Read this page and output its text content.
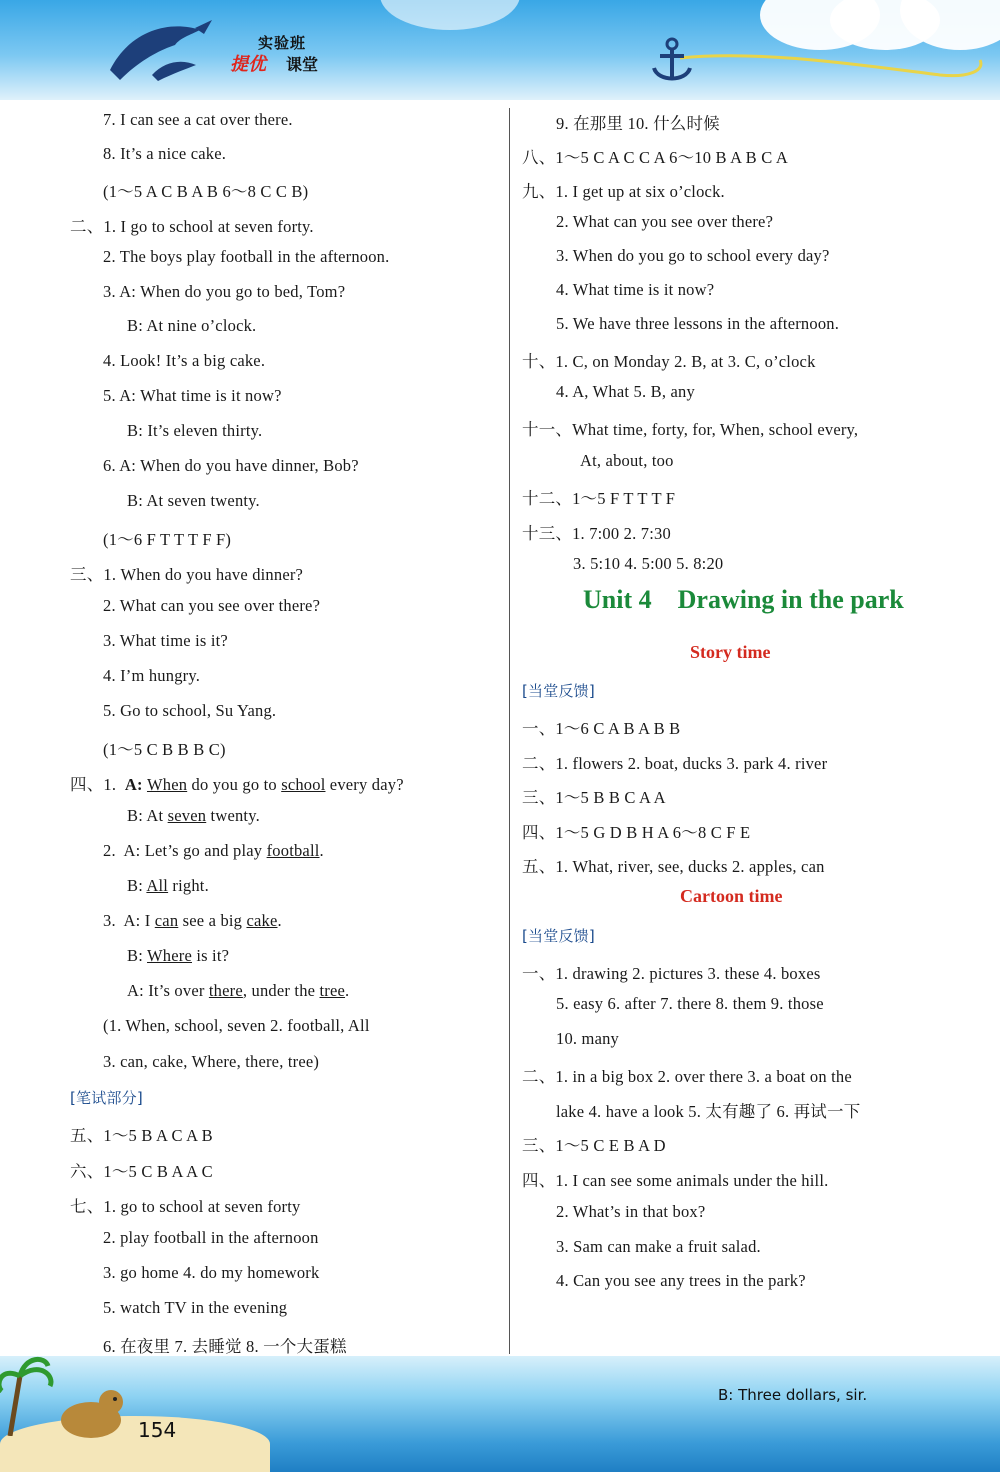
实验班
提优 课堂
四、1. A: When do you go to school every day?
B: At seven twenty.
2. A: Let’s go and play football.
B: All right.
3. A: I can see a big cake.
B: Where is it?
A: It’s over there, under the tree.
7. I can see a cat over there.
8. It’s a nice cake.
(1～5 A C B A B 6～8 C C B)
二、1. I go to school at seven forty.
2. The boys play football in the afternoon.
3. A: When do you go to bed, Tom?
B: At nine o’clock.
4. Look! It’s a big cake.
5. A: What time is it now?
B: It’s eleven thirty.
6. A: When do you have dinner, Bob?
B: At seven twenty.
(1～6 F T T T F F)
三、1. When do you have dinner?
2. What can you see over there?
3. What time is it?
4. I’m hungry.
5. Go to school, Su Yang.
(1～5 C B B B C)
(1. When, school, seven 2. football, All
3. can, cake, Where, there, tree)
[笔试部分]
五、1～5 B A C A B
六、1～5 C B A A C
七、1. go to school at seven forty
2. play football in the afternoon
3. go home 4. do my homework
5. watch TV in the evening
6. 在夜里 7. 去睡觉 8. 一个大蛋糕
9. 在那里 10. 什么时候
八、1～5 C A C C A 6～10 B A B C A
九、1. I get up at six o’clock.
2. What can you see over there?
3. When do you go to school every day?
4. What time is it now?
5. We have three lessons in the afternoon.
十、1. C, on Monday 2. B, at 3. C, o’clock
4. A, What 5. B, any
十一、What time, forty, for, When, school every,
At, about, too
十二、1～5 F T T T F
十三、1. 7:00 2. 7:30
3. 5:10 4. 5:00 5. 8:20
[当堂反馈]
一、1～6 C A B A B B
二、1. flowers 2. boat, ducks 3. park 4. river
三、1～5 B B C A A
四、1～5 G D B H A 6～8 C F E
五、1. What, river, see, ducks 2. apples, can
[当堂反馈]
一、1. drawing 2. pictures 3. these 4. boxes
5. easy 6. after 7. there 8. them 9. those
10. many
二、1. in a big box 2. over there 3. a boat on the
lake 4. have a look 5. 太有趣了 6. 再试一下
三、1～5 C E B A D
四、1. I can see some animals under the hill.
2. What’s in that box?
3. Sam can make a fruit salad.
4. Can you see any trees in the park?
Unit 4 Drawing in the park
Story time
Cartoon time
154
B: Three dollars, sir.
